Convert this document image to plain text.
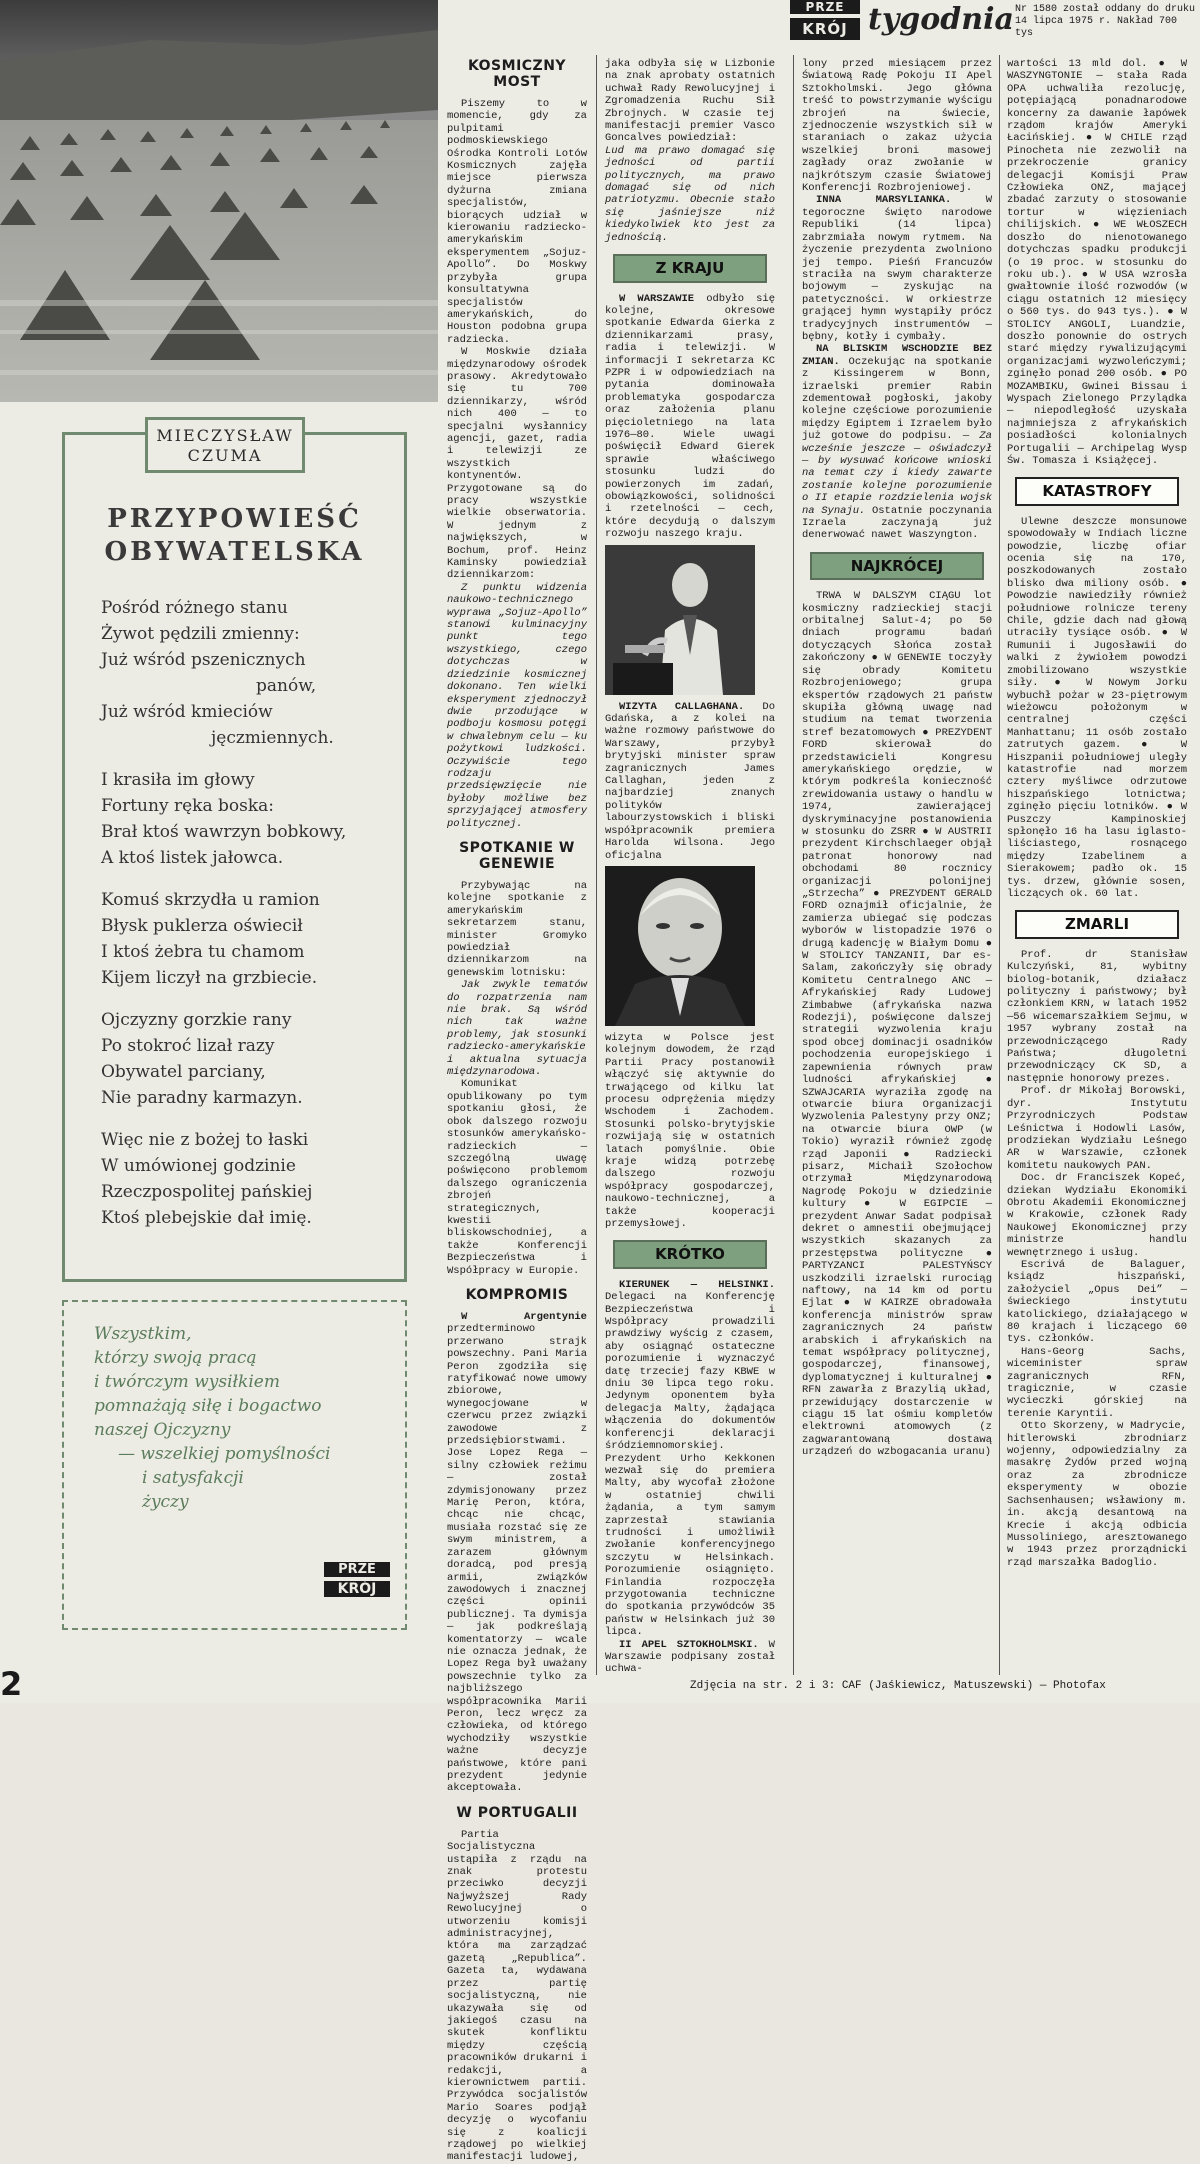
PRZE
KRÓJ tygodnia Nr 1580 został oddany do druku 14 lipca 1975 r. Nakład 700 tys
MIECZYSŁAW CZUMA
PRZYPOWIEŚĆ OBYWATELSKA
Pośród różnego stanu
Żywot pędzili zmienny:
Już wśród pszenicznych
panów,
Już wśród kmieciów
jęczmiennych.
I krasiła im głowy
Fortuny ręka boska:
Brał ktoś wawrzyn bobkowy,
A ktoś listek jałowca.
Komuś skrzydła u ramion
Błysk puklerza oświecił
I ktoś żebra tu chamom
Kijem liczył na grzbiecie.
Ojczyzny gorzkie rany
Po stokroć lizał razy
Obywatel parciany,
Nie paradny karmazyn.
Więc nie z bożej to łaski
W umówionej godzinie
Rzeczpospolitej pańskiej
Ktoś plebejskie dał imię.
Wszystkim,
którzy swoją pracą
i twórczym wysiłkiem
pomnażają siłę i bogactwo
naszej Ojczyzny
— wszelkiej pomyślności
i satysfakcji
życzy
PRZE
KRÓJ
2	Zdjęcia na str. 2 i 3: CAF (Jaśkiewicz, Matuszewski) — Photofax
KOSMICZNY MOST

Piszemy to w momencie, gdy za pulpitami podmoskiewskiego Ośrodka Kontroli Lotów Kosmicznych zajęła miejsce pierwsza dyżurna zmiana specjalistów, biorących udział w kierowaniu radziecko-amerykańskim eksperymentem „Sojuz-Apollo”. Do Moskwy przybyła grupa konsultatywna specjalistów amerykańskich, do Houston podobna grupa radziecka.

W Moskwie działa międzynarodowy ośrodek prasowy. Akredytowało się tu 700 dziennikarzy, wśród nich 400 — to specjalni wysłannicy agencji, gazet, radia i telewizji ze wszystkich kontynentów. Przygotowane są do pracy wszystkie wielkie obserwatoria. W jednym z największych, w Bochum, prof. Heinz Kaminsky powiedział dziennikarzom:

Z punktu widzenia naukowo-technicznego wyprawa „Sojuz-Apollo” stanowi kulminacyjny punkt tego wszystkiego, czego dotychczas w dziedzinie kosmicznej dokonano. Ten wielki eksperyment zjednoczył dwie przodujące w podboju kosmosu potęgi w chwalebnym celu — ku pożytkowi ludzkości. Oczywiście tego rodzaju przedsięwzięcie nie byłoby możliwe bez sprzyjającej atmosfery politycznej.

SPOTKANIE W GENEWIE

Przybywając na kolejne spotkanie z amerykańskim sekretarzem stanu, minister Gromyko powiedział dziennikarzom na genewskim lotnisku:

Jak zwykle tematów do rozpatrzenia nam nie brak. Są wśród nich tak ważne problemy, jak stosunki radziecko-amerykańskie i aktualna sytuacja międzynarodowa.

Komunikat opublikowany po tym spotkaniu głosi, że obok dalszego rozwoju stosunków amerykańsko-radzieckich — szczególną uwagę poświęcono problemom dalszego ograniczenia zbrojeń strategicznych, kwestii bliskowschodniej, a także Konferencji Bezpieczeństwa i Współpracy w Europie.

KOMPROMIS

W Argentynie przedterminowo przerwano strajk powszechny. Pani Maria Peron zgodziła się ratyfikować nowe umowy zbiorowe, wynegocjowane w czerwcu przez związki zawodowe z przedsiębiorstwami. Jose Lopez Rega — silny człowiek reżimu — został zdymisjonowany przez Marię Peron, która, chcąc nie chcąc, musiała rozstać się ze swym ministrem, a zarazem głównym doradcą, pod presją armii, związków zawodowych i znacznej części opinii publicznej. Ta dymisja — jak podkreślają komentatorzy — wcale nie oznacza jednak, że Lopez Rega był uważany powszechnie tylko za najbliższego współpracownika Marii Peron, lecz wręcz za człowieka, od którego wychodziły wszystkie ważne decyzje państwowe, które pani prezydent jedynie akceptowała.

W PORTUGALII

Partia Socjalistyczna ustąpiła z rządu na znak protestu przeciwko decyzji Najwyższej Rady Rewolucyjnej o utworzeniu komisji administracyjnej, która ma zarządzać gazetą „Republica”. Gazeta ta, wydawana przez partię socjalistyczną, nie ukazywała się od jakiegoś czasu na skutek konfliktu między częścią pracowników drukarni i redakcji, a kierownictwem partii. Przywódca socjalistów Mario Soares podjął decyzję o wycofaniu się z koalicji rządowej po wielkiej manifestacji ludowej,

jaka odbyła się w Lizbonie na znak aprobaty ostatnich uchwał Rady Rewolucyjnej i Zgromadzenia Ruchu Sił Zbrojnych. W czasie tej manifestacji premier Vasco Goncalves powiedział:

Lud ma prawo domagać się jedności od partii politycznych, ma prawo domagać się od nich patriotyzmu. Obecnie stało się jaśniejsze niż kiedykolwiek kto jest za jednością.

Z KRAJU

W WARSZAWIE odbyło się kolejne, okresowe spotkanie Edwarda Gierka z dziennikarzami prasy, radia i telewizji. W informacji I sekretarza KC PZPR i w odpowiedziach na pytania dominowała problematyka gospodarcza oraz założenia planu pięcioletniego na lata 1976—80. Wiele uwagi poświęcił Edward Gierek sprawie właściwego stosunku ludzi do powierzonych im zadań, obowiązkowości, solidności i rzetelności — cech, które decydują o dalszym rozwoju naszego kraju.

WIZYTA CALLAGHANA. Do Gdańska, a z kolei na ważne rozmowy państwowe do Warszawy, przybył brytyjski minister spraw zagranicznych James Callaghan, jeden z najbardziej znanych polityków labourzystowskich i bliski współpracownik premiera Harolda Wilsona. Jego oficjalna

wizyta w Polsce jest kolejnym dowodem, że rząd Partii Pracy postanowił włączyć się aktywnie do trwającego od kilku lat procesu odprężenia między Wschodem i Zachodem. Stosunki polsko-brytyjskie rozwijają się w ostatnich latach pomyślnie. Obie kraje widzą potrzebę dalszego rozwoju współpracy gospodarczej, naukowo-technicznej, a także kooperacji przemysłowej.

KRÓTKO

KIERUNEK — HELSINKI. Delegaci na Konferencję Bezpieczeństwa i Współpracy prowadzili prawdziwy wyścig z czasem, aby osiągnąć ostateczne porozumienie i wyznaczyć datę trzeciej fazy KBWE w dniu 30 lipca tego roku. Jedynym oponentem była delegacja Malty, żądająca włączenia do dokumentów konferencji deklaracji śródziemnomorskiej. Prezydent Urho Kekkonen wezwał się do premiera Malty, aby wycofał złożone w ostatniej chwili żądania, a tym samym zaprzestał stawiania trudności i umożliwił zwołanie konferencyjnego szczytu w Helsinkach. Porozumienie osiągnięto. Finlandia rozpoczęła przygotowania techniczne do spotkania przywódców 35 państw w Helsinkach już 30 lipca.

II APEL SZTOKHOLMSKI. W Warszawie podpisany został uchwa-

lony przed miesiącem przez Światową Radę Pokoju II Apel Sztokholmski. Jego główna treść to powstrzymanie wyścigu zbrojeń na świecie, zjednoczenie wszystkich sił w staraniach o zakaz użycia wszelkiej broni masowej zagłady oraz zwołanie w najkrótszym czasie Światowej Konferencji Rozbrojeniowej.

INNA MARSYLIANKA.	W tegoroczne święto narodowe Republiki (14 lipca) zabrzmiała nowym rytmem. Na życzenie prezydenta zwolniono jej tempo. Pieśń Francuzów straciła na swym charakterze bojowym — zyskując na patetyczności. W orkiestrze grającej hymn wystąpiły prócz tradycyjnych instrumentów — bębny, kotły i cymbały.

NA BLISKIM WSCHODZIE BEZ ZMIAN. Oczekując na spotkanie z Kissingerem w Bonn, izraelski premier Rabin zdementował pogłoski, jakoby kolejne częściowe porozumienie między Egiptem i Izraelem było już gotowe do podpisu. — Za wcześnie jeszcze — oświadczył — by wysuwać końcowe wnioski na temat czy i kiedy zawarte zostanie kolejne porozumienie o II etapie rozdzielenia wojsk na Synaju. Ostatnie poczynania Izraela zaczynają już denerwować nawet Waszyngton.

NAJKRÓCEJ

TRWA W DALSZYM CIĄGU lot kosmiczny radzieckiej stacji orbitalnej Salut-4; po 50 dniach programu badań dotyczących Słońca został zakończony ● W GENEWIE toczyły się obrady Komitetu Rozbrojeniowego; grupa ekspertów rządowych 21 państw skupiła główną uwagę nad studium na temat tworzenia stref bezatomowych ● PREZYDENT FORD skierował do przedstawicieli Kongresu amerykańskiego orędzie, w którym podkreśla konieczność zrewidowania ustawy o handlu w 1974, zawierającej dyskryminacyjne postanowienia w stosunku do ZSRR ● W AUSTRII prezydent Kirchschlaeger objął patronat honorowy nad obchodami 80 rocznicy organizacji polonijnej „Strzecha” ● PREZYDENT GERALD FORD oznajmił oficjalnie, że zamierza ubiegać się podczas wyborów w listopadzie 1976 o drugą kadencję w Białym Domu ● W STOLICY TANZANII, Dar es-Salam, zakończyły się obrady Komitetu Centralnego ANC — Afrykańskiej Rady Ludowej Zimbabwe (afrykańska nazwa Rodezji), poświęcone dalszej strategii wyzwolenia kraju spod obcej dominacji osadników pochodzenia europejskiego i zapewnienia równych praw ludności afrykańskiej ● SZWAJCARIA wyraziła zgodę na otwarcie biura Organizacji Wyzwolenia Palestyny przy ONZ; na otwarcie biura OWP (w Tokio) wyraził również zgodę rząd Japonii ● Radziecki pisarz, Michaił Szołochow otrzymał Międzynarodową Nagrodę Pokoju w dziedzinie kultury ● W EGIPCIE — prezydent Anwar Sadat podpisał dekret o amnestii obejmującej wszystkich skazanych za przestępstwa polityczne ● PARTYZANCI PALESTYŃSCY uszkodzili izraelski rurociąg naftowy, na 14 km od portu Ejlat ● W KAIRZE obradowała konferencja ministrów spraw zagranicznych 24 państw arabskich i afrykańskich na temat współpracy politycznej, gospodarczej, finansowej, dyplomatycznej i kulturalnej ● RFN zawarła z Brazylią układ, przewidujący dostarczenie w ciągu 15 lat ośmiu kompletów elektrowni atomowych (z zagwarantowaną dostawą urządzeń do wzbogacania uranu)

wartości 13 mld dol. ● W WASZYNGTONIE — stała Rada OPA uchwaliła rezolucję, potępiającą ponadnarodowe koncerny za dawanie łapówek rządom krajów Ameryki Łacińskiej. ● W CHILE rząd Pinocheta nie zezwolił na przekroczenie granicy delegacji Komisji Praw Człowieka ONZ, mającej zbadać zarzuty o stosowanie tortur w więzieniach chilijskich. ● WE WŁOSZECH doszło do nienotowanego dotychczas spadku produkcji (o 19 proc. w stosunku do roku ub.). ● W USA wzrosła gwałtownie ilość rozwodów (w ciągu ostatnich 12 miesięcy o 560 tys. do 943 tys.). ● W STOLICY ANGOLI, Luandzie, doszło ponownie do ostrych starć między rywalizującymi organizacjami wyzwoleńczymi; zginęło ponad 200 osób. ● PO MOZAMBIKU, Gwinei Bissau i Wyspach Zielonego Przylądka — niepodległość uzyskała najmniejsza z afrykańskich posiadłości kolonialnych Portugalii — Archipelag Wysp Św. Tomasza i Książęcej.

KATASTROFY

Ulewne deszcze monsunowe spowodowały w Indiach liczne powodzie, liczbę ofiar ocenia się na 170, poszkodowanych zostało blisko dwa miliony osób. ● Powodzie nawiedziły również południowe rolnicze tereny Chile, gdzie dach nad głową utraciły tysiące osób. ● W Rumunii i Jugosławii do walki z żywiołem powodzi zmobilizowano wszystkie siły. ● W Nowym Jorku wybuchł pożar w 23-piętrowym wieżowcu położonym w centralnej części Manhattanu; 11 osób zostało zatrutych gazem. ● W Hiszpanii południowej uległy katastrofie nad morzem cztery myśliwce odrzutowe hiszpańskiego lotnictwa; zginęło pięciu lotników. ● W Puszczy Kampinoskiej spłonęło 16 ha lasu iglasto-liściastego, rosnącego między Izabelinem a Sierakowem; padło ok. 15 tys. drzew, głównie sosen, liczących ok. 60 lat.

ZMARLI

Prof. dr Stanisław Kulczyński, 81, wybitny biolog-botanik, działacz polityczny i państwowy; był członkiem KRN, w latach 1952—56 wicemarszałkiem Sejmu, w 1957 wybrany został na przewodniczącego Rady Państwa; długoletni przewodniczący CK SD, a następnie honorowy prezes.

Prof. dr Mikołaj Borowski, dyr. Instytutu Przyrodniczych Podstaw Leśnictwa i Hodowli Lasów, prodziekan Wydziału Leśnego AR w Warszawie, członek komitetu naukowych PAN.

Doc. dr Franciszek Kopeć, dziekan Wydziału Ekonomiki Obrotu Akademii Ekonomicznej w Krakowie, członek Rady Naukowej Ekonomicznej przy ministrze handlu wewnętrznego i usług.

Escrivá de Balaguer, ksiądz hiszpański, założyciel „Opus Dei” — świeckiego instytutu katolickiego, działającego w 80 krajach i liczącego 60 tys. członków.

Hans-Georg Sachs, wiceminister spraw zagranicznych RFN, tragicznie, w czasie wycieczki górskiej na terenie Karyntii.

Otto Skorzeny, w Madrycie, hitlerowski zbrodniarz wojenny, odpowiedzialny za masakrę Żydów przed wojną oraz za zbrodnicze eksperymenty w obozie Sachsenhausen; wsławiony m. in. akcją desantową na Krecie i akcją odbicia Mussoliniego, aresztowanego w 1943 przez prorządnicki rząd marszałka Badoglio.
